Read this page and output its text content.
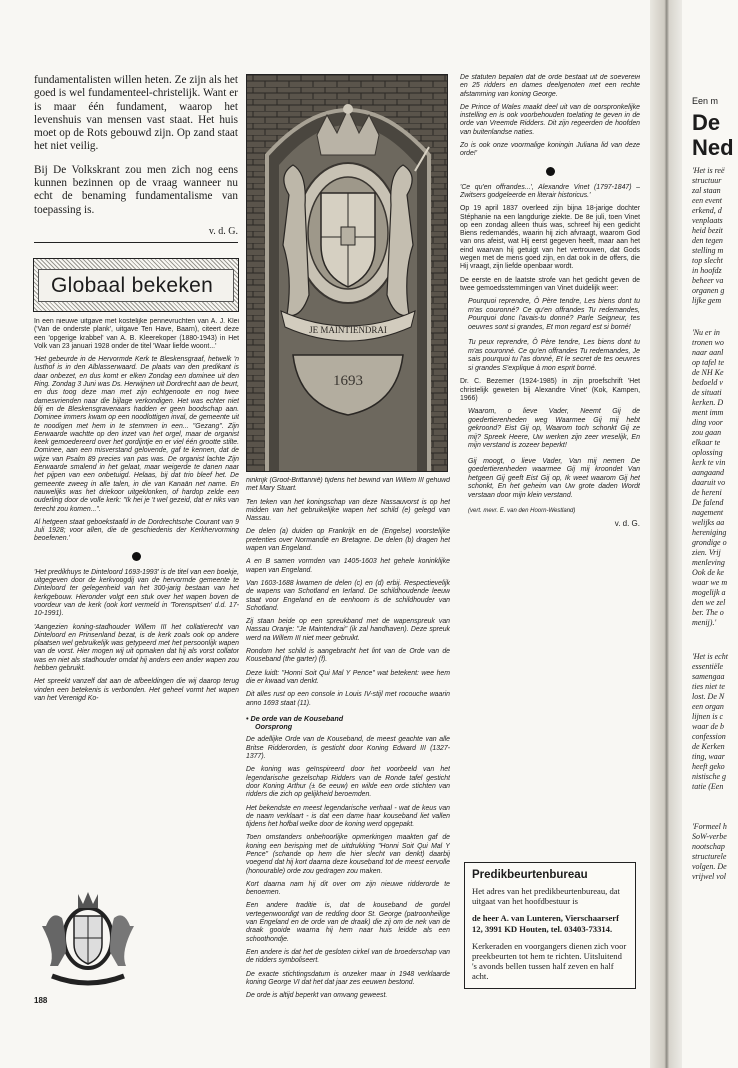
fundamentalisten willen heten. Ze zijn als het goed is wel fundamenteel-christelijk. Want er is maar één fundament, waarop het levenshuis van mensen vast staat. Het huis moet op de Rots gebouwd zijn. Op zand staat het niet veilig.

Bij De Volkskrant zou men zich nog eens kunnen bezinnen op de vraag wanneer nu echt de benaming fundamentalisme van toepassing is.

v. d. G.
Globaal bekeken

In een nieuwe uitgave met kostelijke pennevruchten van A. J. Klei ('Van de onderste plank', uitgave Ten Have, Baarn), citeert deze een 'opgerige krabbel' van A. B. Kleerekoper (1880-1943) in Het Volk van 23 januari 1928 onder de titel 'Waar liefde woont...'

'Het gebeurde in de Hervormde Kerk te Bleskensgraaf, hetwelk 'n lusthof is in den Alblasserwaard. De plaats van den predikant is daar onbezet, en dus komt er elken Zondag een dominee uit den Ring. Zondag 3 Juni was Ds. Herwijnen uit Dordrecht aan de beurt, en dus toog deze man met zijn echtgenoote en nog twee damesvrienden naar die bijlage verkondigen. Het was echter niet blij en de Bleskensgravenaars hadden er geen boodschap aan. Dominee immers kwam op een noodlottigen inval, de gemeente uit te noodigen met hem in te stemmen in een... "Gezang". Zijn Eerwaarde wachtte op den inzet van het orgel, maar de organist keek gemoedereerd over het gordijntje en er viel één grootte stilte. Dominee, aan een misverstand gelovende, gaf te kennen, dat de wijze van Psalm 89 precies van pas was. De organist lachte Zijn Eerwaarde smalend in het gelaat, maar weigerde te danen naar het pijpen van een onbetuigd. Helaas, bij dat trio bleef het. De gemeente zweeg in alle talen, in die van Kanaän net name. En nauwelijks was het driekoor uitgeklonken, of hardop zelde een ouderling door de volle kerk: "Ik hei je 't wel gezeid, dat er niks van terecht zou komen...".

Al hetgeen staat geboekstaafd in de Dordrechtsche Courant van 9 Juli 1928; voor allen, die de geschiedenis der Kerkhervorming beoefenen.'

'Het predikhuys te Dinteloord 1693-1993' is de titel van een boekje, uitgegeven door de kerkvoogdij van de hervormde gemeente te Dinteloord ter gelegenheid van het 300-jarig bestaan van het kerkgebouw. Hieronder volgt een stuk over het wapen boven de voordeur van de kerk (ook kort vermeld in 'Torenspitsen' d.d. 17-10-1991).

'Aangezien koning-stadhouder Willem III het collatierecht van Dinteloord en Prinsenland bezat, is de kerk zoals ook op andere plaatsen wel gebruikelijk was getypeerd met het persoonlijk wapen van de vorst. Hier mogen wij uit opmaken dat hij als vorst collator was en niet als stadhouder omdat hij anders een ander wapen zou hebben gebruikt.

Het spreekt vanzelf dat aan de afbeeldingen die wij daarop terug vinden een betekenis is verbonden. Het geheel vormt het wapen van het Verenigd Ko-

188
JE MAINTIENDRAI
1693

ninkrijk (Groot-Brittannië) tijdens het bewind van Willem III gehuwd met Mary Stuart.

Ten teken van het koningschap van deze Nassauvorst is op het midden van het gebruikelijke wapen het schild (e) gelegd van Nassau.

De delen (a) duiden op Frankrijk en de (Engelse) voorstelijke pretenties over Normandië en Bretagne. De delen (b) dragen het wapen van Engeland.

A en B samen vormden van 1405-1603 het gehele koninklijke wapen van Engeland.

Van 1603-1688 kwamen de delen (c) en (d) erbij. Respectievelijk de wapens van Schotland en Ierland. De schildhoudende leeuw staat voor Engeland en de eenhoorn is de schildhouder van Schotland.

Zij staan beide op een spreukband met de wapenspreuk van Nassau Oranje: "Je Maintendrai" (ik zal handhaven). Deze spreuk werd na Willem III niet meer gebruikt.

Rondom het schild is aangebracht het lint van de Orde van de Kouseband (the garter) (f).

Deze luidt: "Honni Soit Qui Mal Y Pence" wat betekent: wee hem die er kwaad van denkt.

Dit alles rust op een console in Louis IV-stijl met rocouche waarin anno 1693 staat (11).

• De orde van de Kouseband

Oorsprong

De adellijke Orde van de Kouseband, de meest geachte van alle Britse Ridderorden, is gesticht door Koning Edward III (1327-1377).

De koning was geïnspireerd door het voorbeeld van het legendarische gezelschap Ridders van de Ronde tafel gesticht door Koning Arthur (± 6e eeuw) en wilde een orde stichten van ridders die zich op gelijkheid beroemden.

Het bekendste en meest legendarische verhaal - wat de keus van de naam verklaart - is dat een dame haar kouseband liet vallen tijdens het hofbal welke door de koning werd opgepakt.

Toen omstanders onbehoorlijke opmerkingen maakten gaf de koning een berisping met de uitdrukking "Honni Soit Qui Mal Y Pence" (schande op hem die hier slecht van denkt) daarbij voegend dat hij kort daarna deze kouseband tot de meest eervolle (honourable) orde zou gedragen zou maken.

Kort daarna nam hij dit over om zijn nieuwe ridderorde te benoemen.

Een andere traditie is, dat de kouseband de gordel vertegenwoordigt van de redding door St. George (patroonheilige van Engeland en de orde van de draak) die zij om de nek van de draak gooide waarna hij hem naar huis leidde als een schoothondje.

Een andere is dat het de gesloten cirkel van de broederschap van de ridders symboliseert.

De exacte stichtingsdatum is onzeker maar in 1948 verklaarde koning George VI dat het dat jaar zes eeuwen bestond.

De orde is altijd beperkt van omvang geweest.

De statuten bepalen dat de orde bestaat uit de soevereiн en 25 ridders en dames deelgenoten met een rechte afstamming van koning George.

De Prince of Wales maakt deel uit van de oorspronkelijke instelling en is ook voorbehouden toelating te geven in de orde van Vreemde Ridders. Dit zijn regeerden de hoofden van buitenlandse naties.

Zo is ook onze voormalige koningin Juliana lid van deze orde!'

'Ce qu'en offrandes...', Alexandre Vinet (1797-1847) – Zwitsers godgeleerde en literair historicus.'

Op 19 april 1837 overleed zijn bijna 18-jarige dochter Stéphanie na een langdurige ziekte. De 8e juli, toen Vinet op een zondag alleen thuis was, schreef hij een gedicht Biens redemandés, waarin hij zich afvraagt, waarom God van ons afeist, wat Hij eerst gegeven heeft, maar aan het eind waarvan hij getuigt van het vertrouwen, dat Gods wegen met de mens goed zijn, en dat ook in de offers, die Hij vraagt, zijn liefde openbaar wordt.

De eerste en de laatste strofe van het gedicht geven de twee gemoedsstemmingen van Vinet duidelijk weer:

Pourquoi reprendre, Ô Père tendre, Les biens dont tu m'as couronné? Ce qu'en offrandes Tu redemandes, Pourquoi donc l'avais-tu donné? Parle Seigneur, tes oeuvres sont si grandes, Et mon regard est si borné!

Tu peux reprendre, Ô Père tendre, Les biens dont tu m'as couronné. Ce qu'en offrandes Tu redemandes, Je sais pourquoi tu l'as donné, Et le secret de tes oeuvres si grandes S'explique à mon esprit borné.

Dr. C. Bezemer (1924-1985) in zijn proefschrift 'Het christelijk geweten bij Alexandre Vinet' (Kok, Kampen, 1966)

Waarom, o lieve Vader, Neemt Gij de goedertierenheden weg Waarmee Gij mij hebt gekroond? Eist Gij op, Waarom toch schonkt Gij ze mij? Spreek Heere, Uw werken zijn zeer vreselijk, En mijn verstand is zozeer beperkt!

Gij moogt, o lieve Vader, Van mij nemen De goedertierenheden waarmee Gij mij kroondet Van hetgeen Gij geeft Eist Gij op, Ik weet waarom Gij het schonkt, En het geheim van Uw grote daden Wordt verstaan door mijn klein verstand.

(vert. mevr. E. van den Hoorn-Westland)

v. d. G.
Predikbeurtenbureau

Het adres van het predikbeurtenbureau, dat uitgaat van het hoofdbestuur is

de heer A. van Lunteren, Vierschaarserf 12, 3991 KD Houten, tel. 03403-73314.

Kerkeraden en voorgangers dienen zich voor preekbeurten tot hem te richten. Uitsluitend 's avonds bellen tussen half zeven en half acht.

Een m
De
Ned
'Het is reë
structuur
zal staan
een event
erkend, d
venplaats
heid bezit
den tegen
stelling m
top slecht
in hoofdz
beheer va
organen g
lijke gem
'Nu er in
tronen wo
naar aanl
op tafel te
de NH Ke
bedoeld v
de situati
kerken. D
ment imm
ding voor
zou gaan
elkaar te
oplossing
kerk te vin
aangaand
daaruit vo
de hereni
De falend
nagement
welijks aa
hereniging
grondige o
zien. Vrij
menleving
Ook de ke
waar we m
mogelijk a
den we zel
ber. The o
menij).'
'Het is echt
essentiële
samengaa
ties niet te
lost. De N
een organ
lijnen is c
waar de b
confession
de Kerken
ting, waar
heeft geko
nistische g
tatie (Een
'Formeel h
SoW-verbe
nootschap
structurele
volgen. De
vrijwel vol
